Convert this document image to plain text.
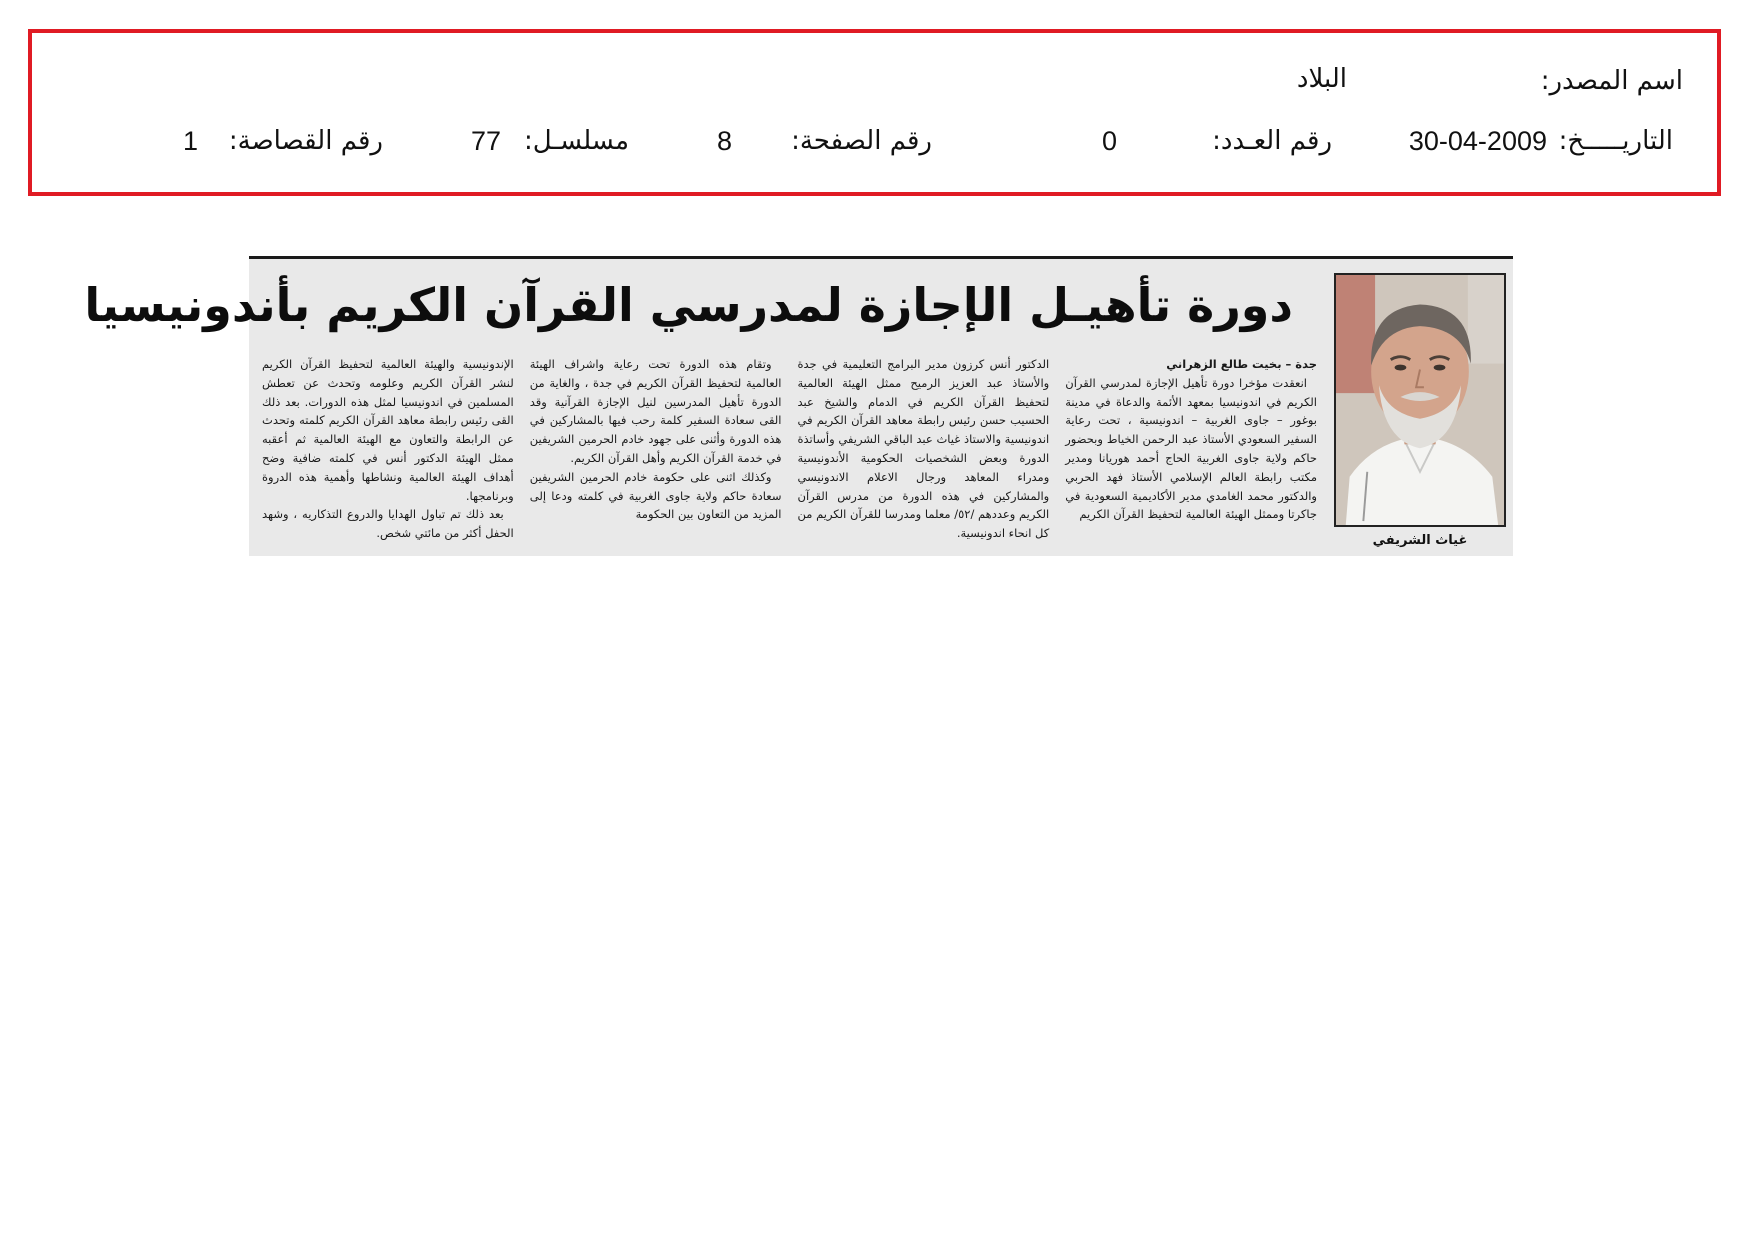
اسم المصدر:
البلاد
التاريـــــخ:
30-04-2009
رقم العـدد:
0
رقم الصفحة:
8
مسلسـل:
77
رقم القصاصة:
1
دورة تأهيـل الإجازة لمدرسي القرآن الكريم بأندونيسيا
غياث الشريفي
جدة – بخيت طالع الزهراني
انعقدت مؤخرا دورة تأهيل الإجازة لمدرسي القرآن الكريم في اندونيسيا بمعهد الأئمة والدعاة في مدينة بوغور – جاوى الغربية – اندونيسية ، تحت رعاية السفير السعودي الأستاذ عبد الرحمن الخياط وبحضور حاكم ولاية جاوى الغربية الحاج أحمد هوريانا ومدير مكتب رابطة العالم الإسلامي الأستاذ فهد الحربي والدكتور محمد الغامدي مدير الأكاديمية السعودية في جاكرتا وممثل الهيئة العالمية لتحفيظ القرآن الكريم
الدكتور أنس كرزون مدير البرامج التعليمية في جدة والأستاذ عبد العزيز الرميح ممثل الهيئة العالمية لتحفيظ القرآن الكريم في الدمام والشيخ عبد الحسيب حسن رئيس رابطة معاهد القرآن الكريم في اندونيسية والاستاذ غياث عبد الباقي الشريفي وأساتذة الدورة وبعض الشخصيات الحكومية الأندونيسية ومدراء المعاهد ورجال الاعلام الاندونيسي والمشاركين في هذه الدورة من مدرس القرآن الكريم وعددهم /٥٢/ معلما ومدرسا للقرآن الكريم من كل انحاء اندونيسية.
وتقام هذه الدورة تحت رعاية واشراف الهيئة العالمية لتحفيظ القرآن الكريم في جدة ، والغاية من الدورة تأهيل المدرسين لنيل الإجازة القرآنية وقد القى سعادة السفير كلمة رحب فيها بالمشاركين في هذه الدورة وأثنى على جهود خادم الحرمين الشريفين في خدمة القرآن الكريم وأهل القرآن الكريم.
وكذلك اثنى على حكومة خادم الحرمين الشريفين سعادة حاكم ولاية جاوى الغربية في كلمته ودعا إلى المزيد من التعاون بين الحكومة
الإندونيسية والهيئة العالمية لتحفيظ القرآن الكريم لنشر القرآن الكريم وعلومه وتحدث عن تعطش المسلمين في اندونيسيا لمثل هذه الدورات. بعد ذلك القى رئيس رابطة معاهد القرآن الكريم كلمته وتحدث عن الرابطة والتعاون مع الهيئة العالمية ثم أعقبه ممثل الهيئة الدكتور أنس في كلمته ضافية وضح أهداف الهيئة العالمية ونشاطها وأهمية هذه الدروة وبرنامجها.
بعد ذلك تم تباول الهدايا والدروع التذكاريه ، وشهد الحفل أكثر من مائتي شخص.
